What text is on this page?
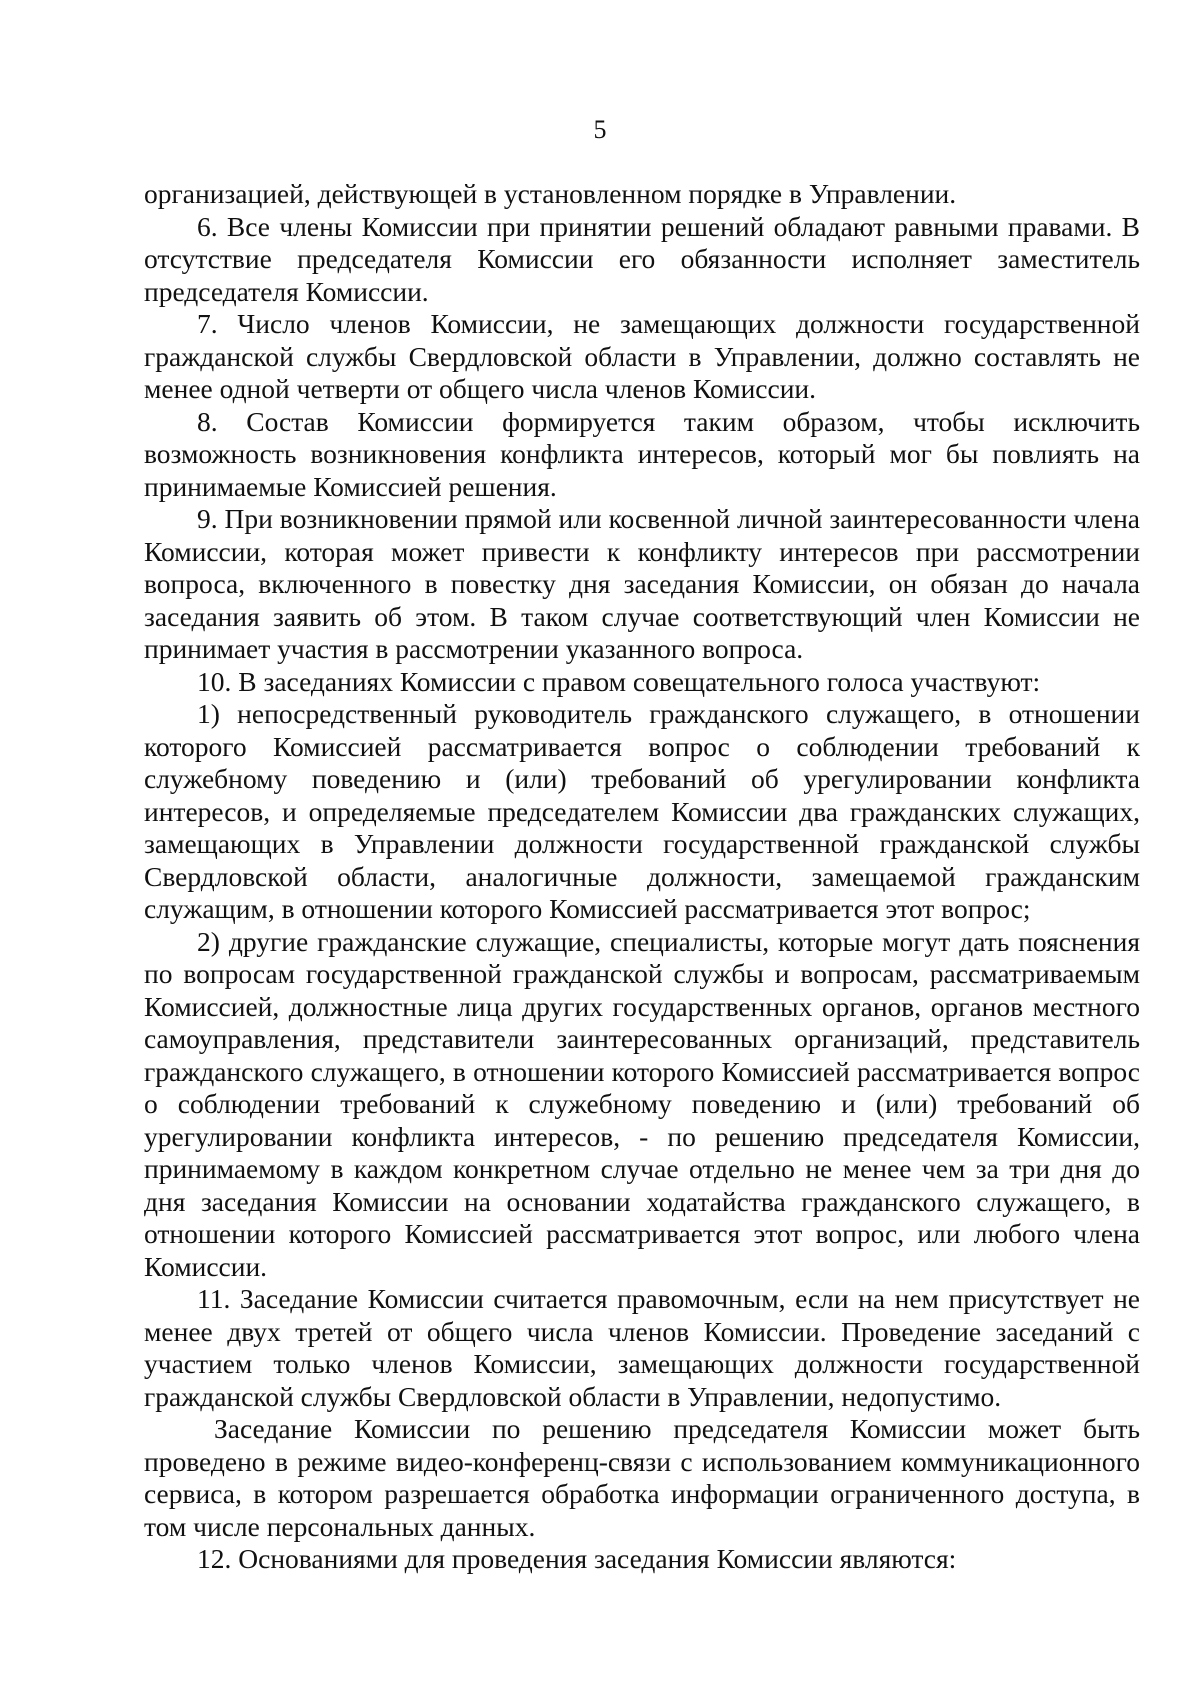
5

организацией, действующей в установленном порядке в Управлении.

6. Все члены Комиссии при принятии решений обладают равными правами. В отсутствие председателя Комиссии его обязанности исполняет заместитель председателя Комиссии.

7. Число членов Комиссии, не замещающих должности государственной гражданской службы Свердловской области в Управлении, должно составлять не менее одной четверти от общего числа членов Комиссии.

8. Состав Комиссии формируется таким образом, чтобы исключить возможность возникновения конфликта интересов, который мог бы повлиять на принимаемые Комиссией решения.

9. При возникновении прямой или косвенной личной заинтересованности члена Комиссии, которая может привести к конфликту интересов при рассмотрении вопроса, включенного в повестку дня заседания Комиссии, он обязан до начала заседания заявить об этом. В таком случае соответствующий член Комиссии не принимает участия в рассмотрении указанного вопроса.

10. В заседаниях Комиссии с правом совещательного голоса участвуют:

1) непосредственный руководитель гражданского служащего, в отношении которого Комиссией рассматривается вопрос о соблюдении требований к служебному поведению и (или) требований об урегулировании конфликта интересов, и определяемые председателем Комиссии два гражданских служащих, замещающих в Управлении должности государственной гражданской службы Свердловской области, аналогичные должности, замещаемой гражданским служащим, в отношении которого Комиссией рассматривается этот вопрос;

2) другие гражданские служащие, специалисты, которые могут дать пояснения по вопросам государственной гражданской службы и вопросам, рассматриваемым Комиссией, должностные лица других государственных органов, органов местного самоуправления, представители заинтересованных организаций, представитель гражданского служащего, в отношении которого Комиссией рассматривается вопрос о соблюдении требований к служебному поведению и (или) требований об урегулировании конфликта интересов, - по решению председателя Комиссии, принимаемому в каждом конкретном случае отдельно не менее чем за три дня до дня заседания Комиссии на основании ходатайства гражданского служащего, в отношении которого Комиссией рассматривается этот вопрос, или любого члена Комиссии.

11. Заседание Комиссии считается правомочным, если на нем присутствует не менее двух третей от общего числа членов Комиссии. Проведение заседаний с участием только членов Комиссии, замещающих должности государственной гражданской службы Свердловской области в Управлении, недопустимо.

Заседание Комиссии по решению председателя Комиссии может быть проведено в режиме видео-конференц-связи с использованием коммуникационного сервиса, в котором разрешается обработка информации ограниченного доступа, в том числе персональных данных.

12. Основаниями для проведения заседания Комиссии являются:
